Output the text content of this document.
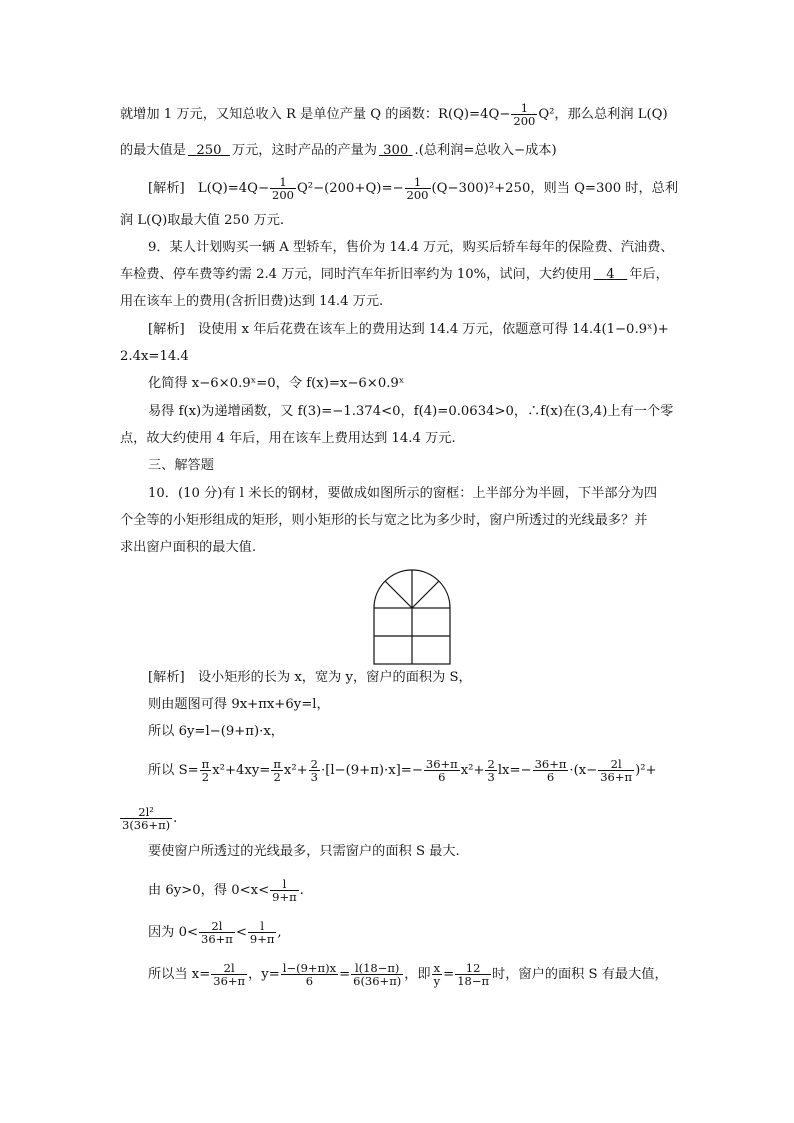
就增加 1 万元，又知总收入 R 是单位产量 Q 的函数：$R(Q)=4Q- \frac{1}{200} Q^2$，那么总利润 L(Q)
的最大值是 250 万元，这时产品的产量为 300 .(总利润=总收入−成本)
[解析]　$L(Q)=4Q- \frac{1}{200} Q^2-(200+Q)=- \frac{1}{200} (Q-300)^2+250$，则当 Q=300 时，总利
润 L(Q)取最大值 250 万元.
9．某人计划购买一辆 A 型轿车，售价为 14.4 万元，购买后轿车每年的保险费、汽油费、
车检费、停车费等约需 2.4 万元，同时汽车年折旧率约为 10%，试问，大约使用 4 年后，
用在该车上的费用(含折旧费)达到 14.4 万元.
[解析]　设使用 x 年后花费在该车上的费用达到 14.4 万元，依题意可得 14.4(1−0.9ˣ)+
2.4x=14.4
化简得 x−6×0.9ˣ=0，令 f(x)=x−6×0.9ˣ
易得 f(x)为递增函数，又 f(3)=−1.374<0，f(4)=0.0634>0，∴f(x)在(3,4)上有一个零
点，故大约使用 4 年后，用在该车上费用达到 14.4 万元.
三、解答题
10．(10 分)有 l 米长的钢材，要做成如图所示的窗框：上半部分为半圆，下半部分为四
个全等的小矩形组成的矩形，则小矩形的长与宽之比为多少时，窗户所透过的光线最多？并
求出窗户面积的最大值.
[解析]　设小矩形的长为 x，宽为 y，窗户的面积为 S，
则由题图可得 9x+πx+6y=l，
所以 6y=l−(9+π)·x，
所以 $S= \frac{\pi}{2} x^2+4xy= \frac{\pi}{2} x^2+ \frac{2}{3} \cdot[l-(9+\pi)\cdot x]=- \frac{36+\pi}{6} x^2+ \frac{2}{3} lx=- \frac{36+\pi}{6} \cdot(x- \frac{2l}{36+\pi} )^2+$
$\frac{\text{2l²}}{3(36+\pi)}$ .
要使窗户所透过的光线最多，只需窗户的面积 S 最大.
由 6y>0，得 $0<x< \frac{l}{9+\pi}$ .
因为 $0< \frac{2l}{36+\pi} < \frac{l}{9+\pi}$ ,
所以当 $x= \frac{2l}{36+\pi}$ ，$y= \frac{l-(9+\pi)x}{6} = \frac{l(18-\pi)}{6(36+\pi)}$ ，即 $\frac{x}{y} = \frac{12}{18-\pi}$ 时，窗户的面积 S 有最大值，
